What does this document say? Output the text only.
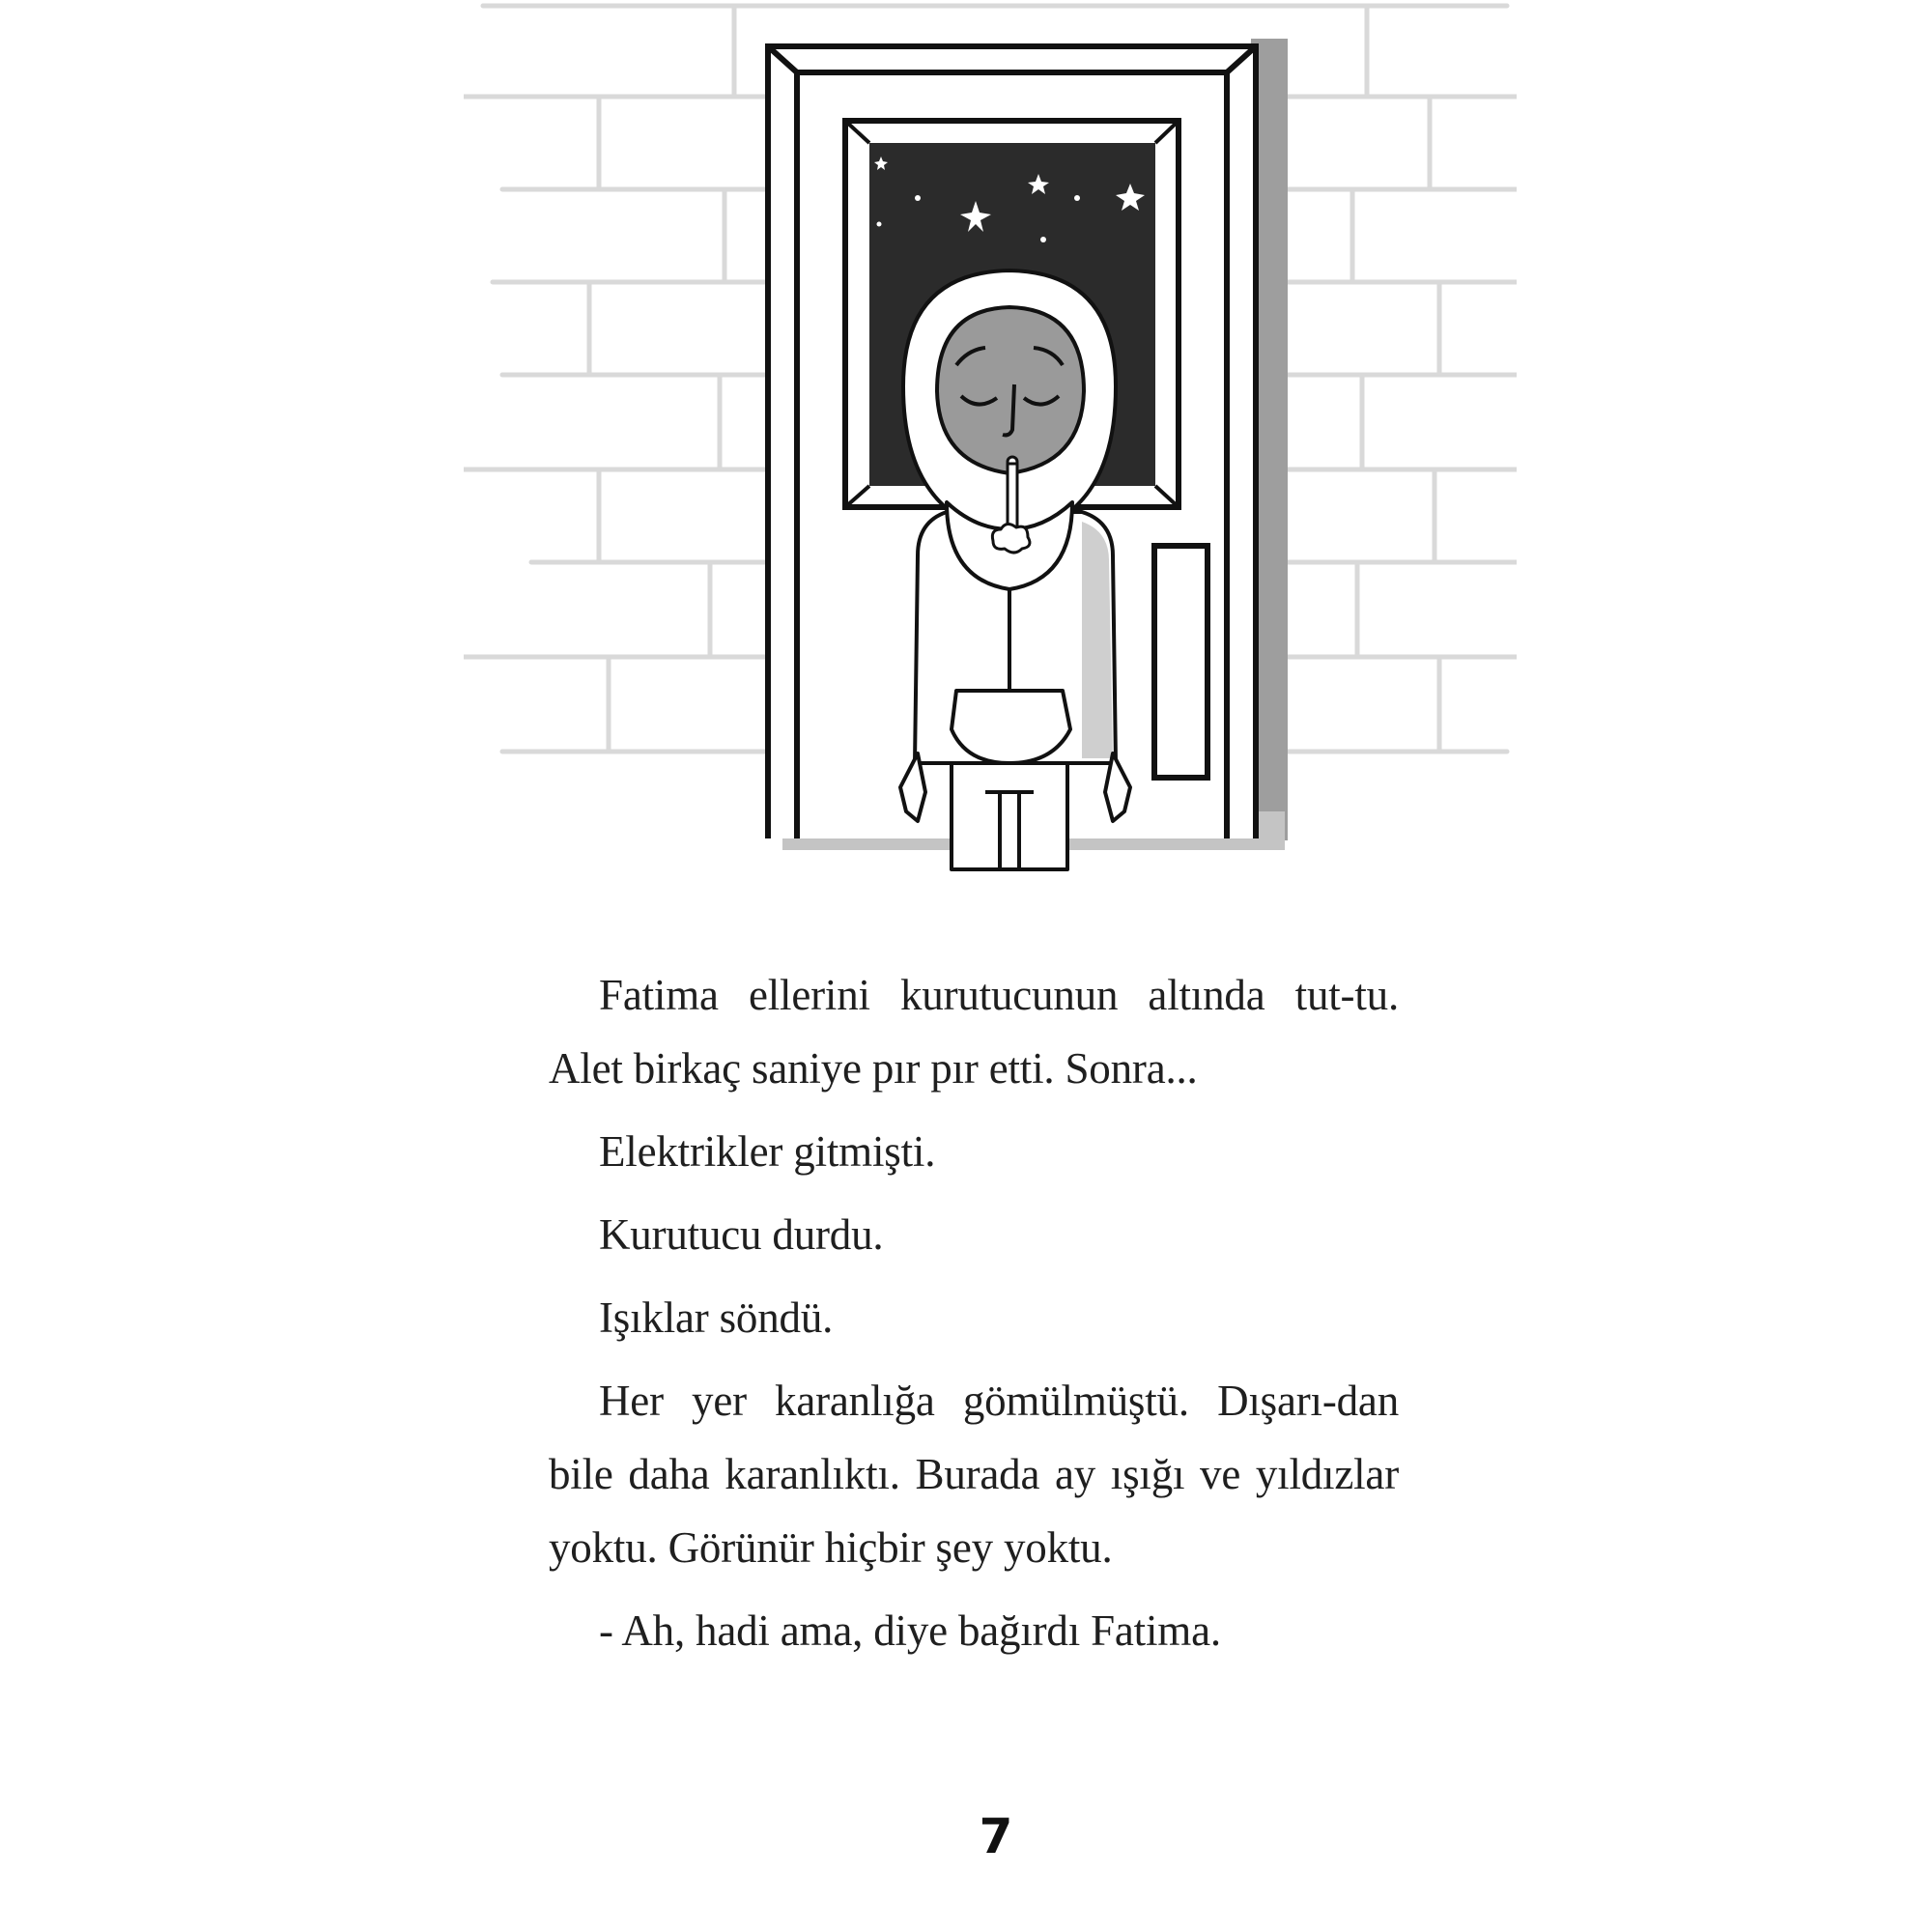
Fatima ellerini kurutucunun altında tut-tu. Alet birkaç saniye pır pır etti. Sonra...

Elektrikler gitmişti.

Kurutucu durdu.

Işıklar söndü.

Her yer karanlığa gömülmüştü. Dışarı-dan bile daha karanlıktı. Burada ay ışığı ve yıldızlar yoktu. Görünür hiçbir şey yoktu.

- Ah, hadi ama, diye bağırdı Fatima.

7
